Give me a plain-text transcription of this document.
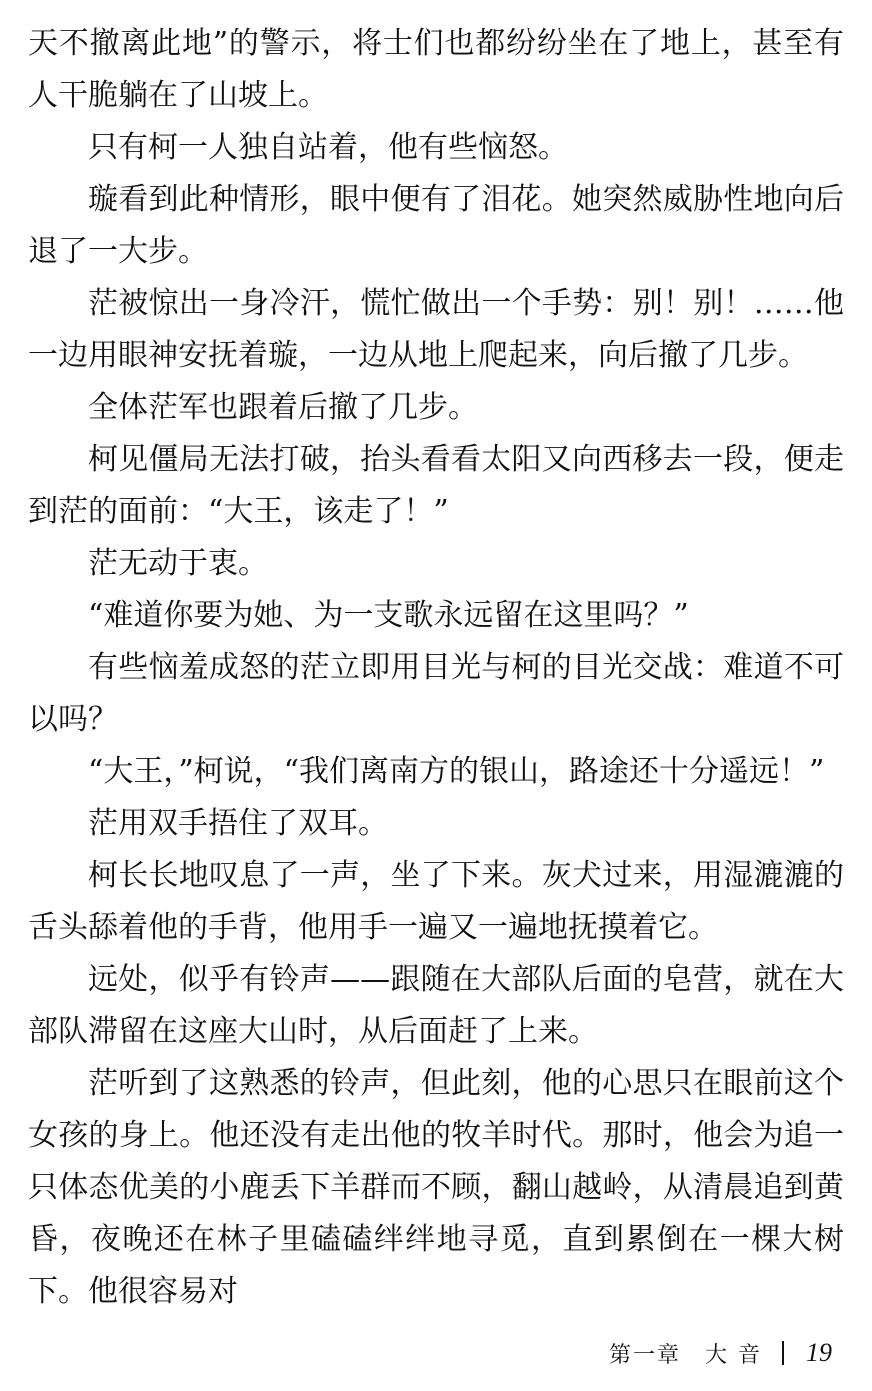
天不撤离此地”的警示，将士们也都纷纷坐在了地上，甚至有人干脆躺在了山坡上。

只有柯一人独自站着，他有些恼怒。

璇看到此种情形，眼中便有了泪花。她突然威胁性地向后退了一大步。

茫被惊出一身冷汗，慌忙做出一个手势：别！别！……他一边用眼神安抚着璇，一边从地上爬起来，向后撤了几步。

全体茫军也跟着后撤了几步。

柯见僵局无法打破，抬头看看太阳又向西移去一段，便走到茫的面前：“大王，该走了！”

茫无动于衷。

“难道你要为她、为一支歌永远留在这里吗？”

有些恼羞成怒的茫立即用目光与柯的目光交战：难道不可以吗？

“大王，”柯说，“我们离南方的银山，路途还十分遥远！”

茫用双手捂住了双耳。

柯长长地叹息了一声，坐了下来。灰犬过来，用湿漉漉的舌头舔着他的手背，他用手一遍又一遍地抚摸着它。

远处，似乎有铃声——跟随在大部队后面的皂营，就在大部队滞留在这座大山时，从后面赶了上来。

茫听到了这熟悉的铃声，但此刻，他的心思只在眼前这个女孩的身上。他还没有走出他的牧羊时代。那时，他会为追一只体态优美的小鹿丢下羊群而不顾，翻山越岭，从清晨追到黄昏，夜晚还在林子里磕磕绊绊地寻觅，直到累倒在一棵大树下。他很容易对

第一章　大 音 19
